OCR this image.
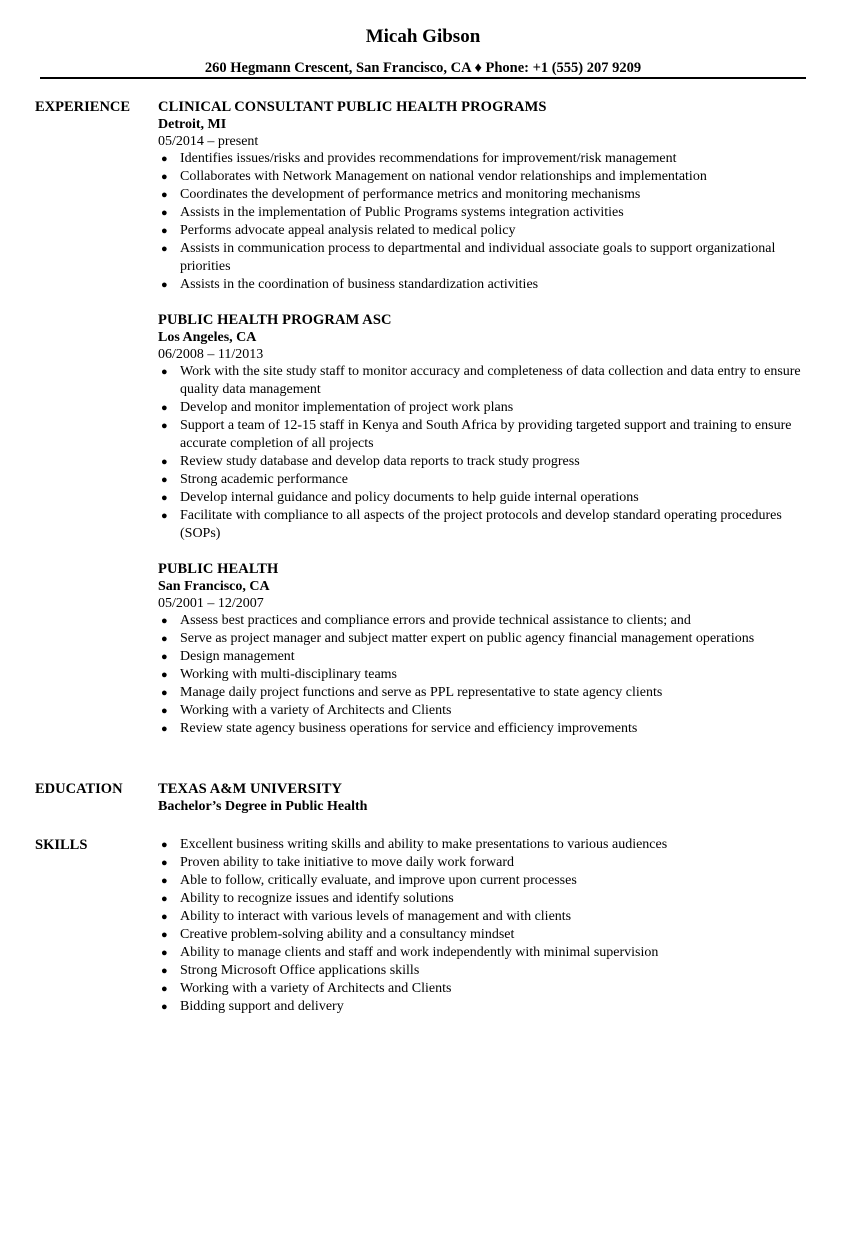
Micah Gibson
260 Hegmann Crescent, San Francisco, CA ♦ Phone: +1 (555) 207 9209
EXPERIENCE CLINICAL CONSULTANT PUBLIC HEALTH PROGRAMS
Detroit, MI
05/2014 – present
● Identifies issues/risks and provides recommendations for improvement/risk management
● Collaborates with Network Management on national vendor relationships and implementation
● Coordinates the development of performance metrics and monitoring mechanisms
● Assists in the implementation of Public Programs systems integration activities
● Performs advocate appeal analysis related to medical policy
● Assists in communication process to departmental and individual associate goals to support organizational priorities
● Assists in the coordination of business standardization activities
PUBLIC HEALTH PROGRAM ASC
Los Angeles, CA
06/2008 – 11/2013
● Work with the site study staff to monitor accuracy and completeness of data collection and data entry to ensure quality data management
● Develop and monitor implementation of project work plans
● Support a team of 12-15 staff in Kenya and South Africa by providing targeted support and training to ensure accurate completion of all projects
● Review study database and develop data reports to track study progress
● Strong academic performance
● Develop internal guidance and policy documents to help guide internal operations
● Facilitate with compliance to all aspects of the project protocols and develop standard operating procedures (SOPs)
PUBLIC HEALTH
San Francisco, CA
05/2001 – 12/2007
● Assess best practices and compliance errors and provide technical assistance to clients; and
● Serve as project manager and subject matter expert on public agency financial management operations
● Design management
● Working with multi-disciplinary teams
● Manage daily project functions and serve as PPL representative to state agency clients
● Working with a variety of Architects and Clients
● Review state agency business operations for service and efficiency improvements
EDUCATION TEXAS A&M UNIVERSITY
Bachelor’s Degree in Public Health
SKILLS	● Excellent business writing skills and ability to make presentations to various audiences
● Proven ability to take initiative to move daily work forward
● Able to follow, critically evaluate, and improve upon current processes
● Ability to recognize issues and identify solutions
● Ability to interact with various levels of management and with clients
● Creative problem-solving ability and a consultancy mindset
● Ability to manage clients and staff and work independently with minimal supervision
● Strong Microsoft Office applications skills
● Working with a variety of Architects and Clients
● Bidding support and delivery
